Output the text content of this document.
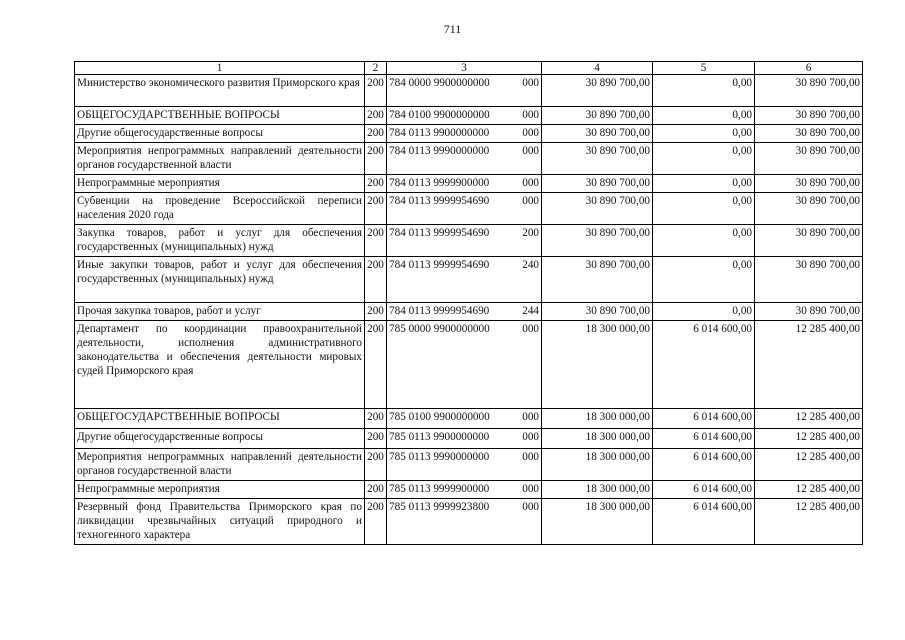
711
1	2	3	4	5	6
Министерство экономического развития Приморского края	200	784 0000 9900000000 000	30 890 700,00	0,00	30 890 700,00
ОБЩЕГОСУДАРСТВЕННЫЕ ВОПРОСЫ	200	784 0100 9900000000 000	30 890 700,00	0,00	30 890 700,00
Другие общегосударственные вопросы	200	784 0113 9900000000 000	30 890 700,00	0,00	30 890 700,00
Мероприятия непрограммных направлений деятельности органов государственной власти	200	784 0113 9990000000 000	30 890 700,00	0,00	30 890 700,00
Непрограммные мероприятия	200	784 0113 9999900000 000	30 890 700,00	0,00	30 890 700,00
Субвенции на проведение Всероссийской переписи населения 2020 года	200	784 0113 9999954690 000	30 890 700,00	0,00	30 890 700,00
Закупка товаров, работ и услуг для обеспечения государственных (муниципальных) нужд	200	784 0113 9999954690 200	30 890 700,00	0,00	30 890 700,00
Иные закупки товаров, работ и услуг для обеспечения государственных (муниципальных) нужд	200	784 0113 9999954690 240	30 890 700,00	0,00	30 890 700,00
Прочая закупка товаров, работ и услуг	200	784 0113 9999954690 244	30 890 700,00	0,00	30 890 700,00
Департамент по координации правоохранительной деятельности, исполнения административного законодательства и обеспечения деятельности мировых судей Приморского края	200	785 0000 9900000000 000	18 300 000,00	6 014 600,00	12 285 400,00
ОБЩЕГОСУДАРСТВЕННЫЕ ВОПРОСЫ	200	785 0100 9900000000 000	18 300 000,00	6 014 600,00	12 285 400,00
Другие общегосударственные вопросы	200	785 0113 9900000000 000	18 300 000,00	6 014 600,00	12 285 400,00
Мероприятия непрограммных направлений деятельности органов государственной власти	200	785 0113 9990000000 000	18 300 000,00	6 014 600,00	12 285 400,00
Непрограммные мероприятия	200	785 0113 9999900000 000	18 300 000,00	6 014 600,00	12 285 400,00
Резервный фонд Правительства Приморского края по ликвидации чрезвычайных ситуаций природного и техногенного характера	200	785 0113 9999923800 000	18 300 000,00	6 014 600,00	12 285 400,00
